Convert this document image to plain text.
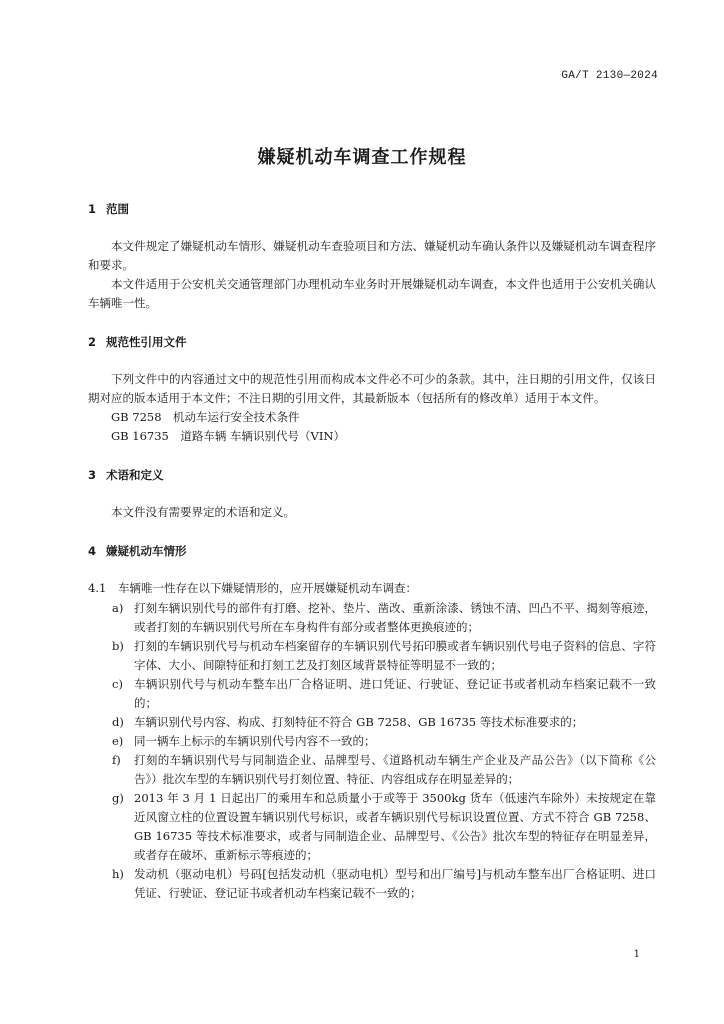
GA/T 2130—2024
嫌疑机动车调查工作规程
1 范围

本文件规定了嫌疑机动车情形、嫌疑机动车查验项目和方法、嫌疑机动车确认条件以及嫌疑机动车调查程序和要求。

本文件适用于公安机关交通管理部门办理机动车业务时开展嫌疑机动车调查，本文件也适用于公安机关确认车辆唯一性。

2 规范性引用文件

下列文件中的内容通过文中的规范性引用而构成本文件必不可少的条款。其中，注日期的引用文件，仅该日期对应的版本适用于本文件；不注日期的引用文件，其最新版本（包括所有的修改单）适用于本文件。

GB 7258　机动车运行安全技术条件

GB 16735　道路车辆 车辆识别代号（VIN）

3 术语和定义

本文件没有需要界定的术语和定义。

4 嫌疑机动车情形
4.1 车辆唯一性存在以下嫌疑情形的，应开展嫌疑机动车调查：
a) 打刻车辆识别代号的部件有打磨、挖补、垫片、凿改、重新涂漆、锈蚀不清、凹凸不平、揭刻等痕迹，或者打刻的车辆识别代号所在车身构件有部分或者整体更换痕迹的；
b) 打刻的车辆识别代号与机动车档案留存的车辆识别代号拓印膜或者车辆识别代号电子资料的信息、字符字体、大小、间隙特征和打刻工艺及打刻区域背景特征等明显不一致的；
c) 车辆识别代号与机动车整车出厂合格证明、进口凭证、行驶证、登记证书或者机动车档案记载不一致的；
d) 车辆识别代号内容、构成、打刻特征不符合 GB 7258、GB 16735 等技术标准要求的；
e) 同一辆车上标示的车辆识别代号内容不一致的；
f) 打刻的车辆识别代号与同制造企业、品牌型号、《道路机动车辆生产企业及产品公告》（以下简称《公告》）批次车型的车辆识别代号打刻位置、特征、内容组成存在明显差异的；
g) 2013 年 3 月 1 日起出厂的乘用车和总质量小于或等于 3500kg 货车（低速汽车除外）未按规定在靠近风窗立柱的位置设置车辆识别代号标识，或者车辆识别代号标识设置位置、方式不符合 GB 7258、GB 16735 等技术标准要求，或者与同制造企业、品牌型号、《公告》批次车型的特征存在明显差异，或者存在破坏、重新标示等痕迹的；
h) 发动机（驱动电机）号码[包括发动机（驱动电机）型号和出厂编号]与机动车整车出厂合格证明、进口凭证、行驶证、登记证书或者机动车档案记载不一致的；
1
